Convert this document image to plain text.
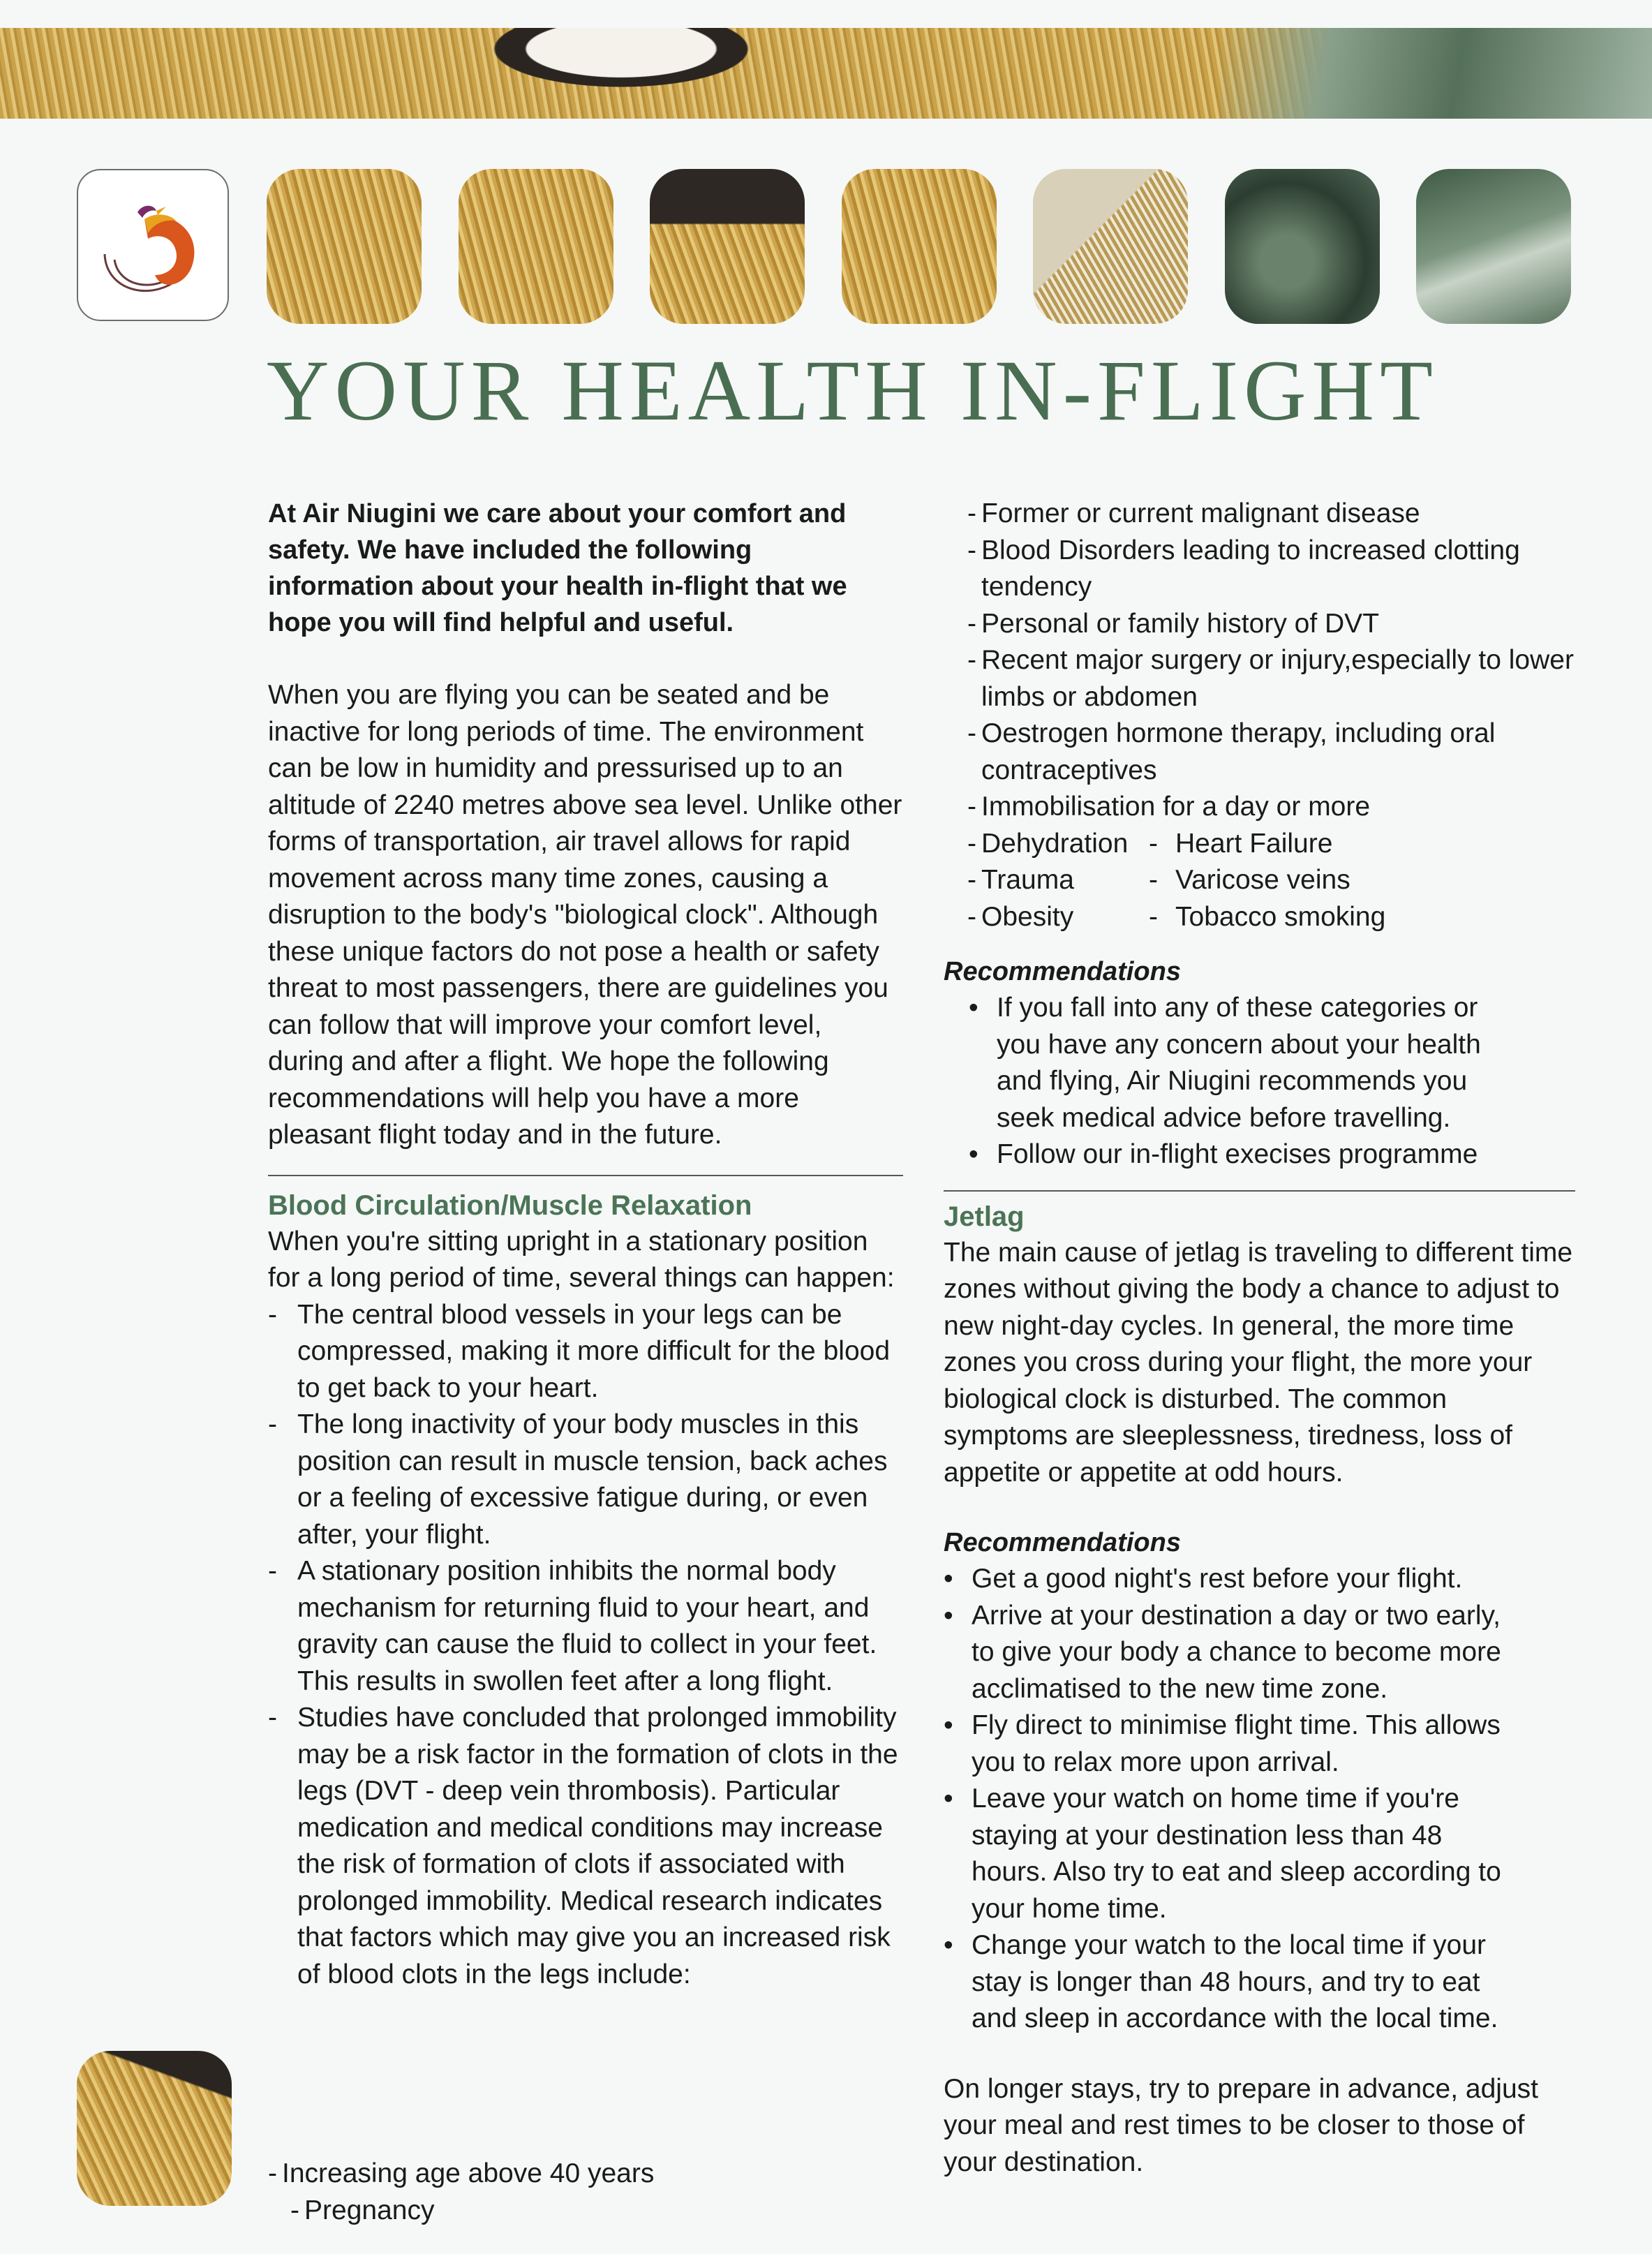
YOUR HEALTH IN-FLIGHT

At Air Niugini we care about your comfort and safety. We have included the following information about your health in-flight that we hope you will find helpful and useful.

When you are flying you can be seated and be inactive for long periods of time. The environment can be low in humidity and pressurised up to an altitude of 2240 metres above sea level. Unlike other forms of transportation, air travel allows for rapid movement across many time zones, causing a disruption to the body's "biological clock". Although these unique factors do not pose a health or safety threat to most passengers, there are guidelines you can follow that will improve your comfort level, during and after a flight. We hope the following recommendations will help you have a more pleasant flight today and in the future.

Blood Circulation/Muscle Relaxation

When you're sitting upright in a stationary position for a long period of time, several things can happen:

- The central blood vessels in your legs can be compressed, making it more difficult for the blood to get back to your heart.
- The long inactivity of your body muscles in this position can result in muscle tension, back aches or a feeling of excessive fatigue during, or even after, your flight.
- A stationary position inhibits the normal body mechanism for returning fluid to your heart, and gravity can cause the fluid to collect in your feet. This results in swollen feet after a long flight.
- Studies have concluded that prolonged immobility may be a risk factor in the formation of clots in the legs (DVT - deep vein thrombosis). Particular medication and medical conditions may increase the risk of formation of clots if associated with prolonged immobility. Medical research indicates that factors which may give you an increased risk of blood clots in the legs include:
- Increasing age above 40 years
- Pregnancy
- Former or current malignant disease
- Blood Disorders leading to increased clotting tendency
- Personal or family history of DVT
- Recent major surgery or injury,especially to lower limbs or abdomen
- Oestrogen hormone therapy, including oral contraceptives
- Immobilisation for a day or more
- Dehydration - Heart Failure
- Trauma	- Varicose veins
- Obesity	- Tobacco smoking

Recommendations

• If you fall into any of these categories or you have any concern about your health and flying, Air Niugini recommends you seek medical advice before travelling.
• Follow our in-flight execises programme

Jetlag

The main cause of jetlag is traveling to different time zones without giving the body a chance to adjust to new night-day cycles. In general, the more time zones you cross during your flight, the more your biological clock is disturbed. The common symptoms are sleeplessness, tiredness, loss of appetite or appetite at odd hours.

Recommendations

• Get a good night's rest before your flight.
• Arrive at your destination a day or two early, to give your body a chance to become more acclimatised to the new time zone.
• Fly direct to minimise flight time. This allows you to relax more upon arrival.
• Leave your watch on home time if you're staying at your destination less than 48 hours. Also try to eat and sleep according to your home time.
• Change your watch to the local time if your stay is longer than 48 hours, and try to eat and sleep in accordance with the local time.

On longer stays, try to prepare in advance, adjust your meal and rest times to be closer to those of your destination.
